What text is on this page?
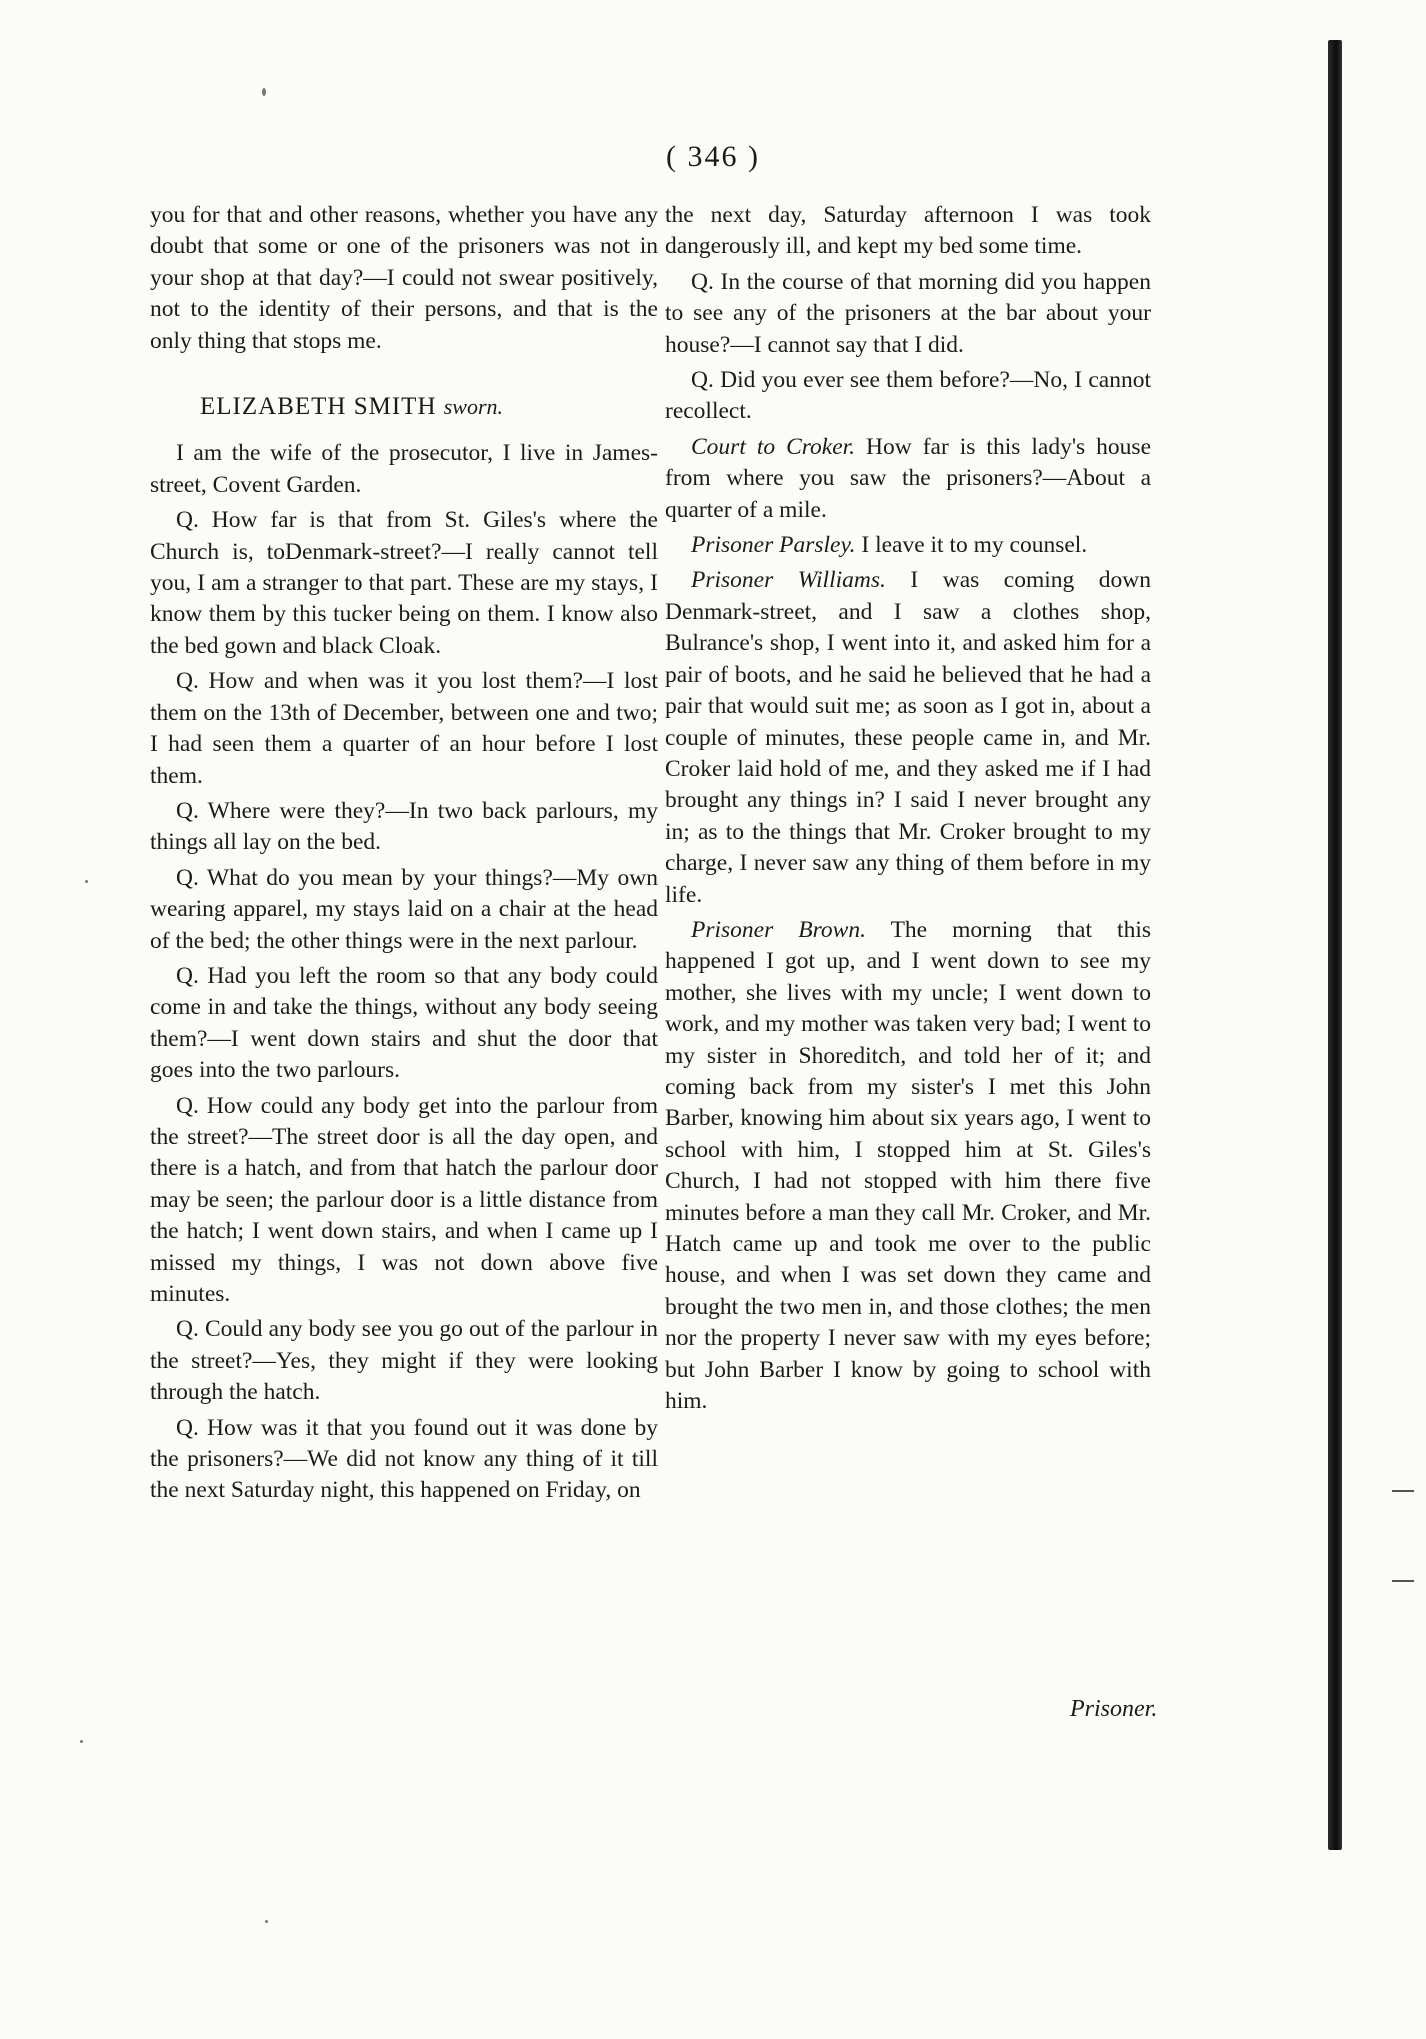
( 346 )

you for that and other reasons, whether you have any doubt that some or one of the prisoners was not in your shop at that day?—I could not swear positively, not to the identity of their persons, and that is the only thing that stops me.

ELIZABETH SMITH sworn.

I am the wife of the prosecutor, I live in James-street, Covent Garden.

Q. How far is that from St. Giles's where the Church is, toDenmark-street?—I really cannot tell you, I am a stranger to that part. These are my stays, I know them by this tucker being on them. I know also the bed gown and black Cloak.

Q. How and when was it you lost them?—I lost them on the 13th of December, between one and two; I had seen them a quarter of an hour before I lost them.

Q. Where were they?—In two back parlours, my things all lay on the bed.

Q. What do you mean by your things?—My own wearing apparel, my stays laid on a chair at the head of the bed; the other things were in the next parlour.

Q. Had you left the room so that any body could come in and take the things, without any body seeing them?—I went down stairs and shut the door that goes into the two parlours.

Q. How could any body get into the parlour from the street?—The street door is all the day open, and there is a hatch, and from that hatch the parlour door may be seen; the parlour door is a little distance from the hatch; I went down stairs, and when I came up I missed my things, I was not down above five minutes.

Q. Could any body see you go out of the parlour in the street?—Yes, they might if they were looking through the hatch.

Q. How was it that you found out it was done by the prisoners?—We did not know any thing of it till the next Saturday night, this happened on Friday, on

the next day, Saturday afternoon I was took dangerously ill, and kept my bed some time.

Q. In the course of that morning did you happen to see any of the prisoners at the bar about your house?—I cannot say that I did.

Q. Did you ever see them before?—No, I cannot recollect.

Court to Croker. How far is this lady's house from where you saw the prisoners?—About a quarter of a mile.

Prisoner Parsley. I leave it to my counsel.

Prisoner Williams. I was coming down Denmark-street, and I saw a clothes shop, Bulrance's shop, I went into it, and asked him for a pair of boots, and he said he believed that he had a pair that would suit me; as soon as I got in, about a couple of minutes, these people came in, and Mr. Croker laid hold of me, and they asked me if I had brought any things in? I said I never brought any in; as to the things that Mr. Croker brought to my charge, I never saw any thing of them before in my life.

Prisoner Brown. The morning that this happened I got up, and I went down to see my mother, she lives with my uncle; I went down to work, and my mother was taken very bad; I went to my sister in Shoreditch, and told her of it; and coming back from my sister's I met this John Barber, knowing him about six years ago, I went to school with him, I stopped him at St. Giles's Church, I had not stopped with him there five minutes before a man they call Mr. Croker, and Mr. Hatch came up and took me over to the public house, and when I was set down they came and brought the two men in, and those clothes; the men nor the property I never saw with my eyes before; but John Barber I know by going to school with him.

Prisoner.
